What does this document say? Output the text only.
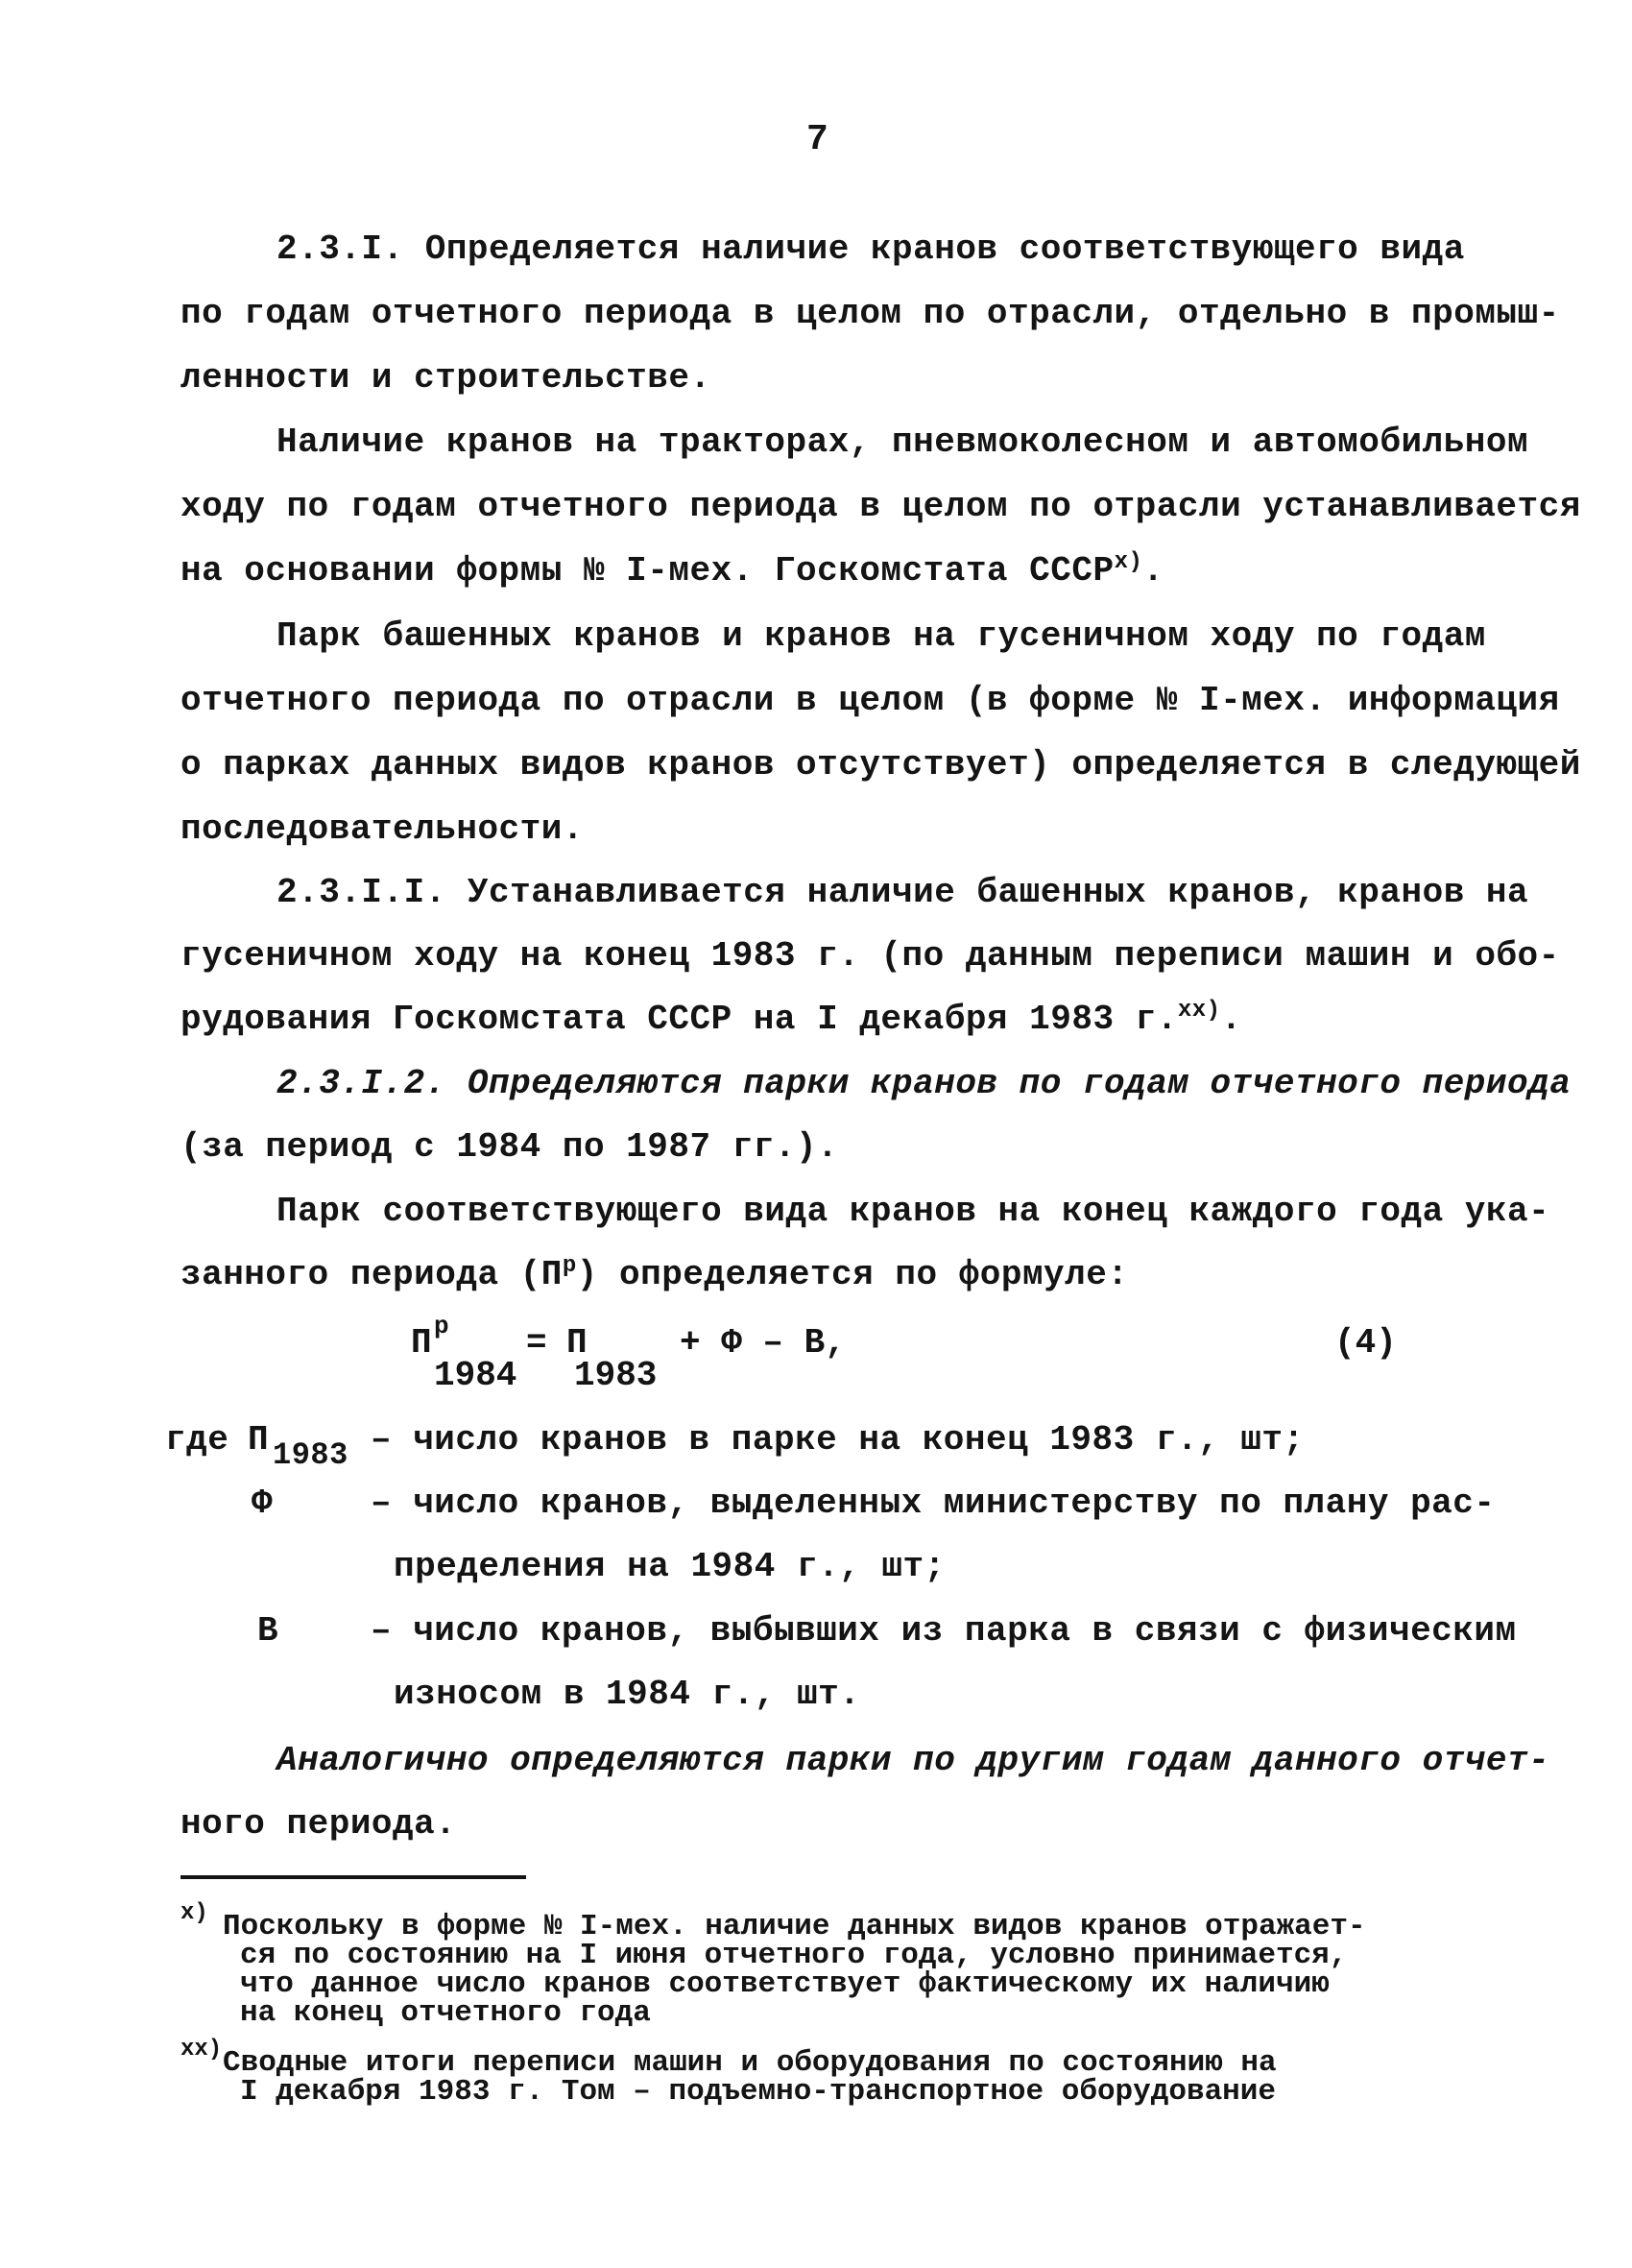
7
2.3.I. Определяется наличие кранов соответствующего вида
по годам отчетного периода в целом по отрасли, отдельно в промыш-
ленности и строительстве.
Наличие кранов на тракторах, пневмоколесном и автомобильном
ходу по годам отчетного периода в целом по отрасли устанавливается
на основании формы № I-мех. Госкомстата СССР$^{x)}$.
Парк башенных кранов и кранов на гусеничном ходу по годам
отчетного периода по отрасли в целом (в форме № I-мех. информация
о парках данных видов кранов отсутствует) определяется в следующей
последовательности.
2.3.I.I. Устанавливается наличие башенных кранов, кранов на
гусеничном ходу на конец 1983 г. (по данным переписи машин и обо-
рудования Госкомстата СССР на I декабря 1983 г.$^{xx)}$.
2.3.I.2. Определяются парки кранов по годам отчетного периода
(за период с 1984 по 1987 гг.).
Парк соответствующего вида кранов на конец каждого года ука-
занного периода $(П^р)$ определяется по формуле:
П р
1984
= П
1983
+ Ф – В,	(4)
где П 1983 – число кранов в парке на конец 1983 г., шт;
Ф	– число кранов, выделенных министерству по плану рас-
пределения на 1984 г., шт;
В	– число кранов, выбывших из парка в связи с физическим
износом в 1984 г., шт.
Аналогично определяются парки по другим годам данного отчет-
ного периода.
x) Поскольку в форме № I-мех. наличие данных видов кранов отражает-
ся по состоянию на I июня отчетного года, условно принимается,
что данное число кранов соответствует фактическому их наличию
на конец отчетного года
xx) Сводные итоги переписи машин и оборудования по состоянию на
I декабря 1983 г. Том – подъемно-транспортное оборудование
